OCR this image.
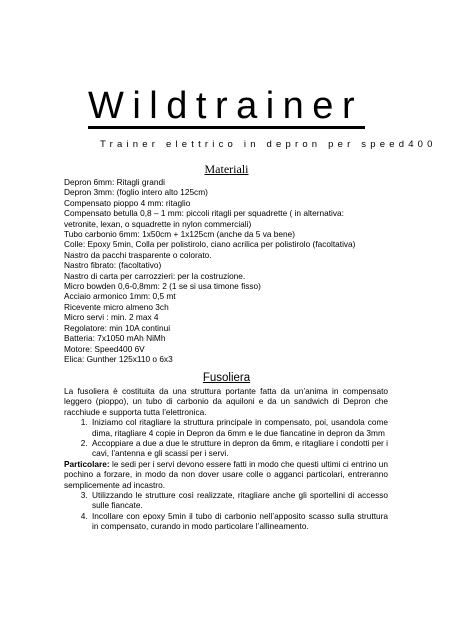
Wildtrainer
Trainer elettrico in depron per speed400
Materiali
Depron 6mm: Ritagli grandi
Depron 3mm: (foglio intero alto 125cm)
Compensato pioppo 4 mm: ritaglio
Compensato betulla 0,8 – 1 mm: piccoli ritagli per squadrette ( in alternativa:
vetronite, lexan, o squadrette in nylon commerciali)
Tubo carbonio 6mm: 1x50cm + 1x125cm (anche da 5 va bene)
Colle: Epoxy 5min, Colla per polistirolo, ciano acrilica per polistirolo (facoltativa)
Nastro da pacchi trasparente o colorato.
Nastro fibrato: (facoltativo)
Nastro di carta per carrozzieri: per la costruzione.
Micro bowden 0,6-0,8mm: 2 (1 se si usa timone fisso)
Acciaio armonico 1mm: 0,5 mt
Ricevente micro almeno 3ch
Micro servi : min. 2 max 4
Regolatore: min 10A continui
Batteria: 7x1050 mAh NiMh
Motore: Speed400 6V
Elica: Gunther 125x110 o 6x3
Fusoliera

La fusoliera è costituita da una struttura portante fatta da un’anima in compensato leggero (pioppo), un tubo di carbonio da aquiloni e da un sandwich di Depron che racchiude e supporta tutta l’elettronica.

1. Iniziamo col ritagliare la struttura principale in compensato, poi, usandola come dima, ritagliare 4 copie in Depron da 6mm e le due fiancatine in depron da 3mm
2. Accoppiare a due a due le strutture in depron da 6mm, e ritagliare i condotti per i cavi, l’antenna e gli scassi per i servi.

Particolare: le sedi per i servi devono essere fatti in modo che questi ultimi ci entrino un pochino a forzare, in modo da non dover usare colle o agganci particolari, entreranno semplicemente ad incastro.

3. Utilizzando le strutture così realizzate, ritagliare anche gli sportellini di accesso sulle fiancate.
4. Incollare con epoxy 5min il tubo di carbonio nell’apposito scasso sulla struttura in compensato, curando in modo particolare l’allineamento.
